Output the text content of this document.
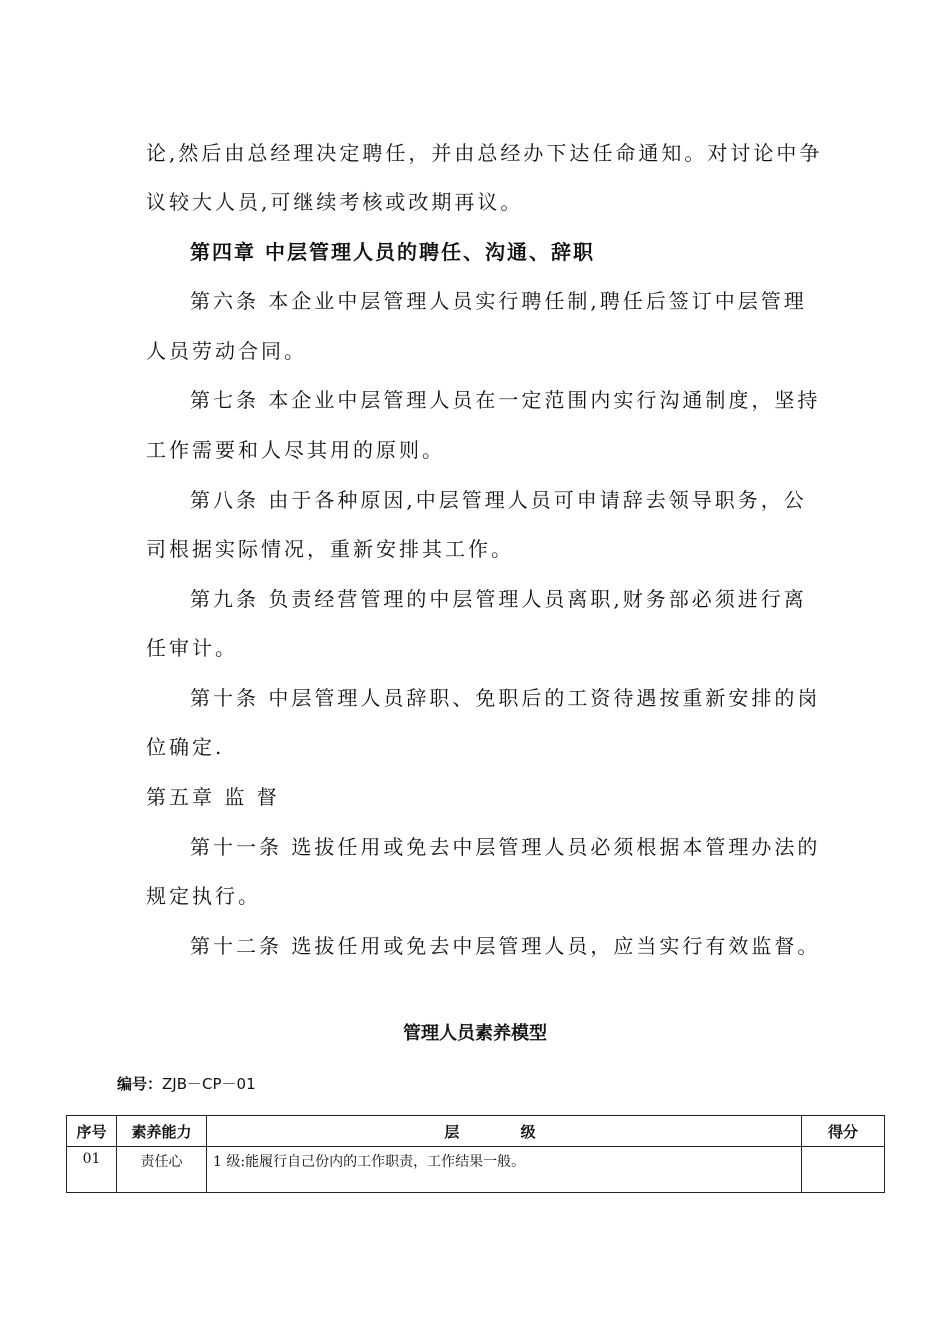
论,然后由总经理决定聘任，并由总经办下达任命通知。对讨论中争
议较大人员,可继续考核或改期再议。
第四章 中层管理人员的聘任、沟通、辞职
第六条 本企业中层管理人员实行聘任制,聘任后签订中层管理
人员劳动合同。
第七条 本企业中层管理人员在一定范围内实行沟通制度，坚持
工作需要和人尽其用的原则。
第八条 由于各种原因,中层管理人员可申请辞去领导职务，公
司根据实际情况，重新安排其工作。
第九条 负责经营管理的中层管理人员离职,财务部必须进行离
任审计。
第十条 中层管理人员辞职、免职后的工资待遇按重新安排的岗
位确定.
第五章 监 督
第十一条 选拔任用或免去中层管理人员必须根据本管理办法的
规定执行。
第十二条 选拔任用或免去中层管理人员，应当实行有效监督。
管理人员素养模型
编号：ZJB－CP－01
序号	素养能力	层 级	得分
01	责任心	1 级:能履行自己份内的工作职责，工作结果一般。	
